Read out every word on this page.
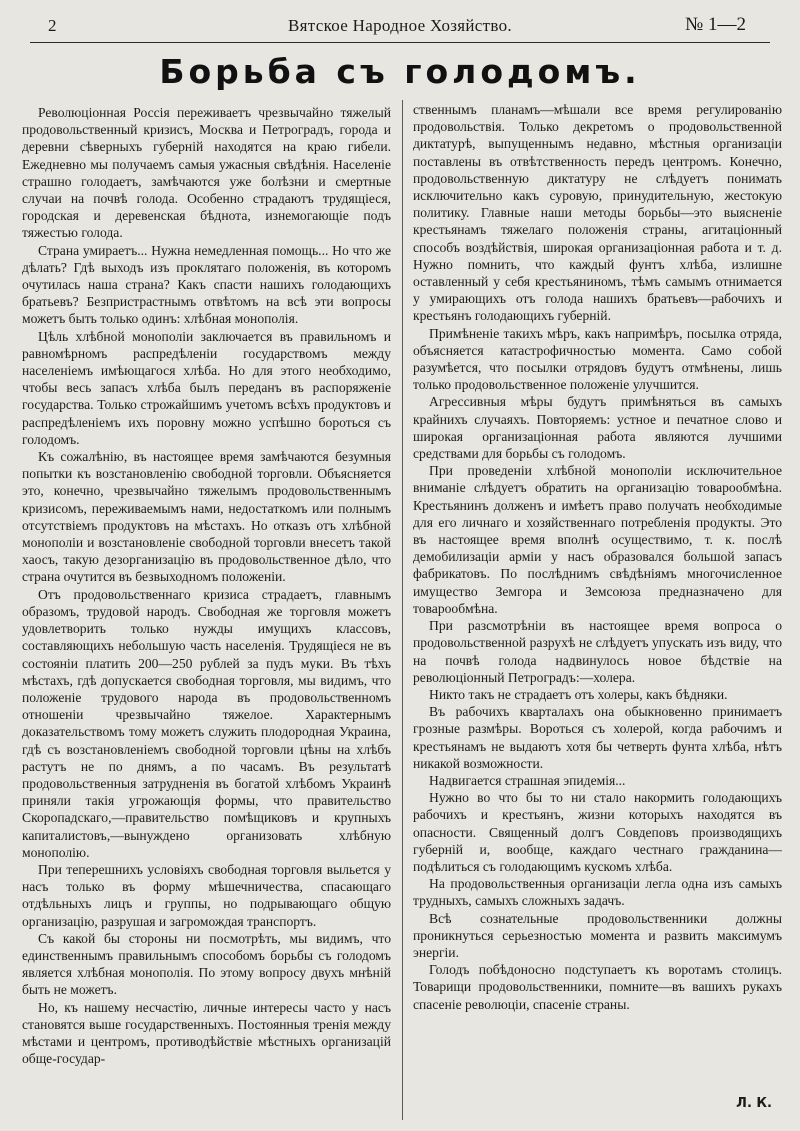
2	Вятское Народное Хозяйство.	№ 1—2
Борьба съ голодомъ.

Революціонная Россія переживаетъ чрезвычайно тяжелый продовольственный кризисъ, Москва и Петроградъ, города и деревни сѣверныхъ губерній находятся на краю гибели. Ежедневно мы получаемъ самыя ужасныя свѣдѣнія. Населеніе страшно голодаетъ, замѣчаются уже болѣзни и смертные случаи на почвѣ голода. Особенно страдаютъ трудящіеся, городская и деревенская бѣднота, изнемогающіе подъ тяжестью голода.

Страна умираетъ... Нужна немедленная помощь... Но что же дѣлать? Гдѣ выходъ изъ проклятаго положенія, въ которомъ очутилась наша страна? Какъ спасти нашихъ голодающихъ братьевъ? Безпристрастнымъ отвѣтомъ на всѣ эти вопросы можетъ быть только одинъ: хлѣбная монополія.

Цѣль хлѣбной монополіи заключается въ правильномъ и равномѣрномъ распредѣленіи государствомъ между населеніемъ имѣющагося хлѣба. Но для этого необходимо, чтобы весь запасъ хлѣба былъ переданъ въ распоряженіе государства. Только строжайшимъ учетомъ всѣхъ продуктовъ и распредѣленіемъ ихъ поровну можно успѣшно бороться съ голодомъ.

Къ сожалѣнію, въ настоящее время замѣчаются безумныя попытки къ возстановленію свободной торговли. Объясняется это, конечно, чрезвычайно тяжелымъ продовольственнымъ кризисомъ, переживаемымъ нами, недостаткомъ или полнымъ отсутствіемъ продуктовъ на мѣстахъ. Но отказъ отъ хлѣбной монополіи и возстановленіе свободной торговли внесетъ такой хаосъ, такую дезорганизацію въ продовольственное дѣло, что страна очутится въ безвыходномъ положеніи.

Отъ продовольственнаго кризиса страдаетъ, главнымъ образомъ, трудовой народъ. Свободная же торговля можетъ удовлетворить только нужды имущихъ классовъ, составляющихъ небольшую часть населенія. Трудящіеся не въ состояніи платить 200—250 рублей за пудъ муки. Въ тѣхъ мѣстахъ, гдѣ допускается свободная торговля, мы видимъ, что положеніе трудового народа въ продовольственномъ отношеніи чрезвычайно тяжелое. Характернымъ доказательствомъ тому можетъ служить плодородная Украина, гдѣ съ возстановленіемъ свободной торговли цѣны на хлѣбъ растутъ не по днямъ, а по часамъ. Въ результатѣ продовольственныя затрудненія въ богатой хлѣбомъ Украинѣ приняли такія угрожающія формы, что правительство Скоропадскаго,—правительство помѣщиковъ и крупныхъ капиталистовъ,—вынуждено организовать хлѣбную монополію.

При теперешнихъ условіяхъ свободная торговля выльется у насъ только въ форму мѣшечничества, спасающаго отдѣльныхъ лицъ и группы, но подрывающаго общую организацію, разрушая и загромождая транспортъ.

Съ какой бы стороны ни посмотрѣть, мы видимъ, что единственнымъ правильнымъ способомъ борьбы съ голодомъ является хлѣбная монополія. По этому вопросу двухъ мнѣній быть не можетъ.

Но, къ нашему несчастію, личные интересы часто у насъ становятся выше государственныхъ. Постоянныя тренія между мѣстами и центромъ, противодѣйствіе мѣстныхъ организацій обще-государ-

ственнымъ планамъ—мѣшали все время регулированію продовольствія. Только декретомъ о продовольственной диктатурѣ, выпущеннымъ недавно, мѣстныя организаціи поставлены въ отвѣтственность передъ центромъ. Конечно, продовольственную диктатуру не слѣдуетъ понимать исключительно какъ суровую, принудительную, жестокую политику. Главные наши методы борьбы—это выясненіе крестьянамъ тяжелаго положенія страны, агитаціонный способъ воздѣйствія, широкая организаціонная работа и т. д. Нужно помнить, что каждый фунтъ хлѣба, излишне оставленный у себя крестьяниномъ, тѣмъ самымъ отнимается у умирающихъ отъ голода нашихъ братьевъ—рабочихъ и крестьянъ голодающихъ губерній.

Примѣненіе такихъ мѣръ, какъ напримѣръ, посылка отряда, объясняется катастрофичностью момента. Само собой разумѣется, что посылки отрядовъ будутъ отмѣнены, лишь только продовольственное положеніе улучшится.

Агрессивныя мѣры будутъ примѣняться въ самыхъ крайнихъ случаяхъ. Повторяемъ: устное и печатное слово и широкая организаціонная работа являются лучшими средствами для борьбы съ голодомъ.

При проведеніи хлѣбной монополіи исключительное вниманіе слѣдуетъ обратить на организацію товарообмѣна. Крестьянинъ долженъ и имѣетъ право получать необходимые для его личнаго и хозяйственнаго потребленія продукты. Это въ настоящее время вполнѣ осуществимо, т. к. послѣ демобилизаціи арміи у насъ образовался большой запасъ фабрикатовъ. По послѣднимъ свѣдѣніямъ многочисленное имущество Земгора и Земсоюза предназначено для товарообмѣна.

При разсмотрѣніи въ настоящее время вопроса о продовольственной разрухѣ не слѣдуетъ упускать изъ виду, что на почвѣ голода надвинулось новое бѣдствіе на революціонный Петроградъ:—холера.

Никто такъ не страдаетъ отъ холеры, какъ бѣдняки.

Въ рабочихъ кварталахъ она обыкновенно принимаетъ грозные размѣры. Вороться съ холерой, когда рабочимъ и крестьянамъ не выдаютъ хотя бы четверть фунта хлѣба, нѣтъ никакой возможности.

Надвигается страшная эпидемія...

Нужно во что бы то ни стало накормить голодающихъ рабочихъ и крестьянъ, жизни которыхъ находятся въ опасности. Священный долгъ Совдеповъ производящихъ губерній и, вообще, каждаго честнаго гражданина—подѣлиться съ голодающимъ кускомъ хлѣба.

На продовольственныя организаціи легла одна изъ самыхъ трудныхъ, самыхъ сложныхъ задачъ.

Всѣ сознательные продовольственники должны проникнуться серьезностью момента и развить максимумъ энергіи.

Голодъ побѣдоносно подступаетъ къ воротамъ столицъ. Товарищи продовольственники, помните—въ вашихъ рукахъ спасеніе революціи, спасеніе страны.

Л. К.
